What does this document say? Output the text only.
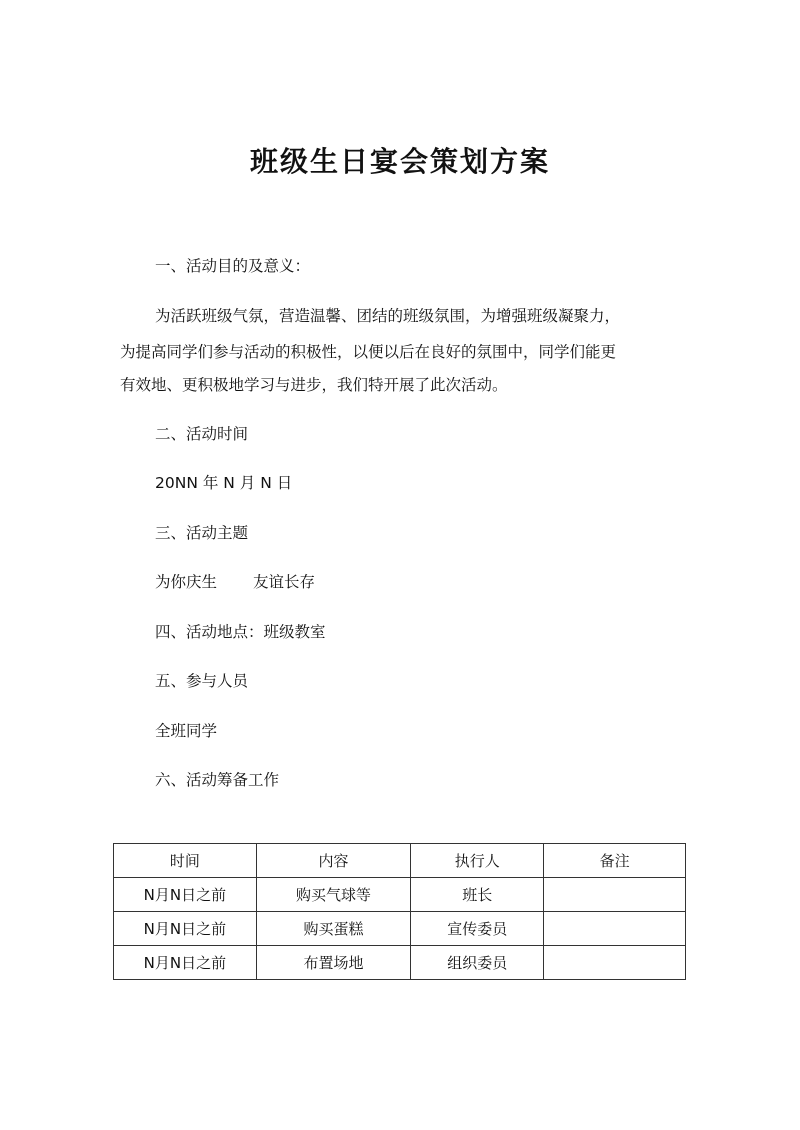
班级生日宴会策划方案
一、活动目的及意义：
为活跃班级气氛，营造温馨、团结的班级氛围，为增强班级凝聚力，
为提高同学们参与活动的积极性，以便以后在良好的氛围中，同学们能更
有效地、更积极地学习与进步，我们特开展了此次活动。
二、活动时间
20NN 年 N 月 N 日
三、活动主题
为你庆生 友谊长存
四、活动地点：班级教室
五、参与人员
全班同学
六、活动筹备工作
时间	内容	执行人	备注
N月N日之前	购买气球等	班长	
N月N日之前	购买蛋糕	宣传委员	
N月N日之前	布置场地	组织委员	
